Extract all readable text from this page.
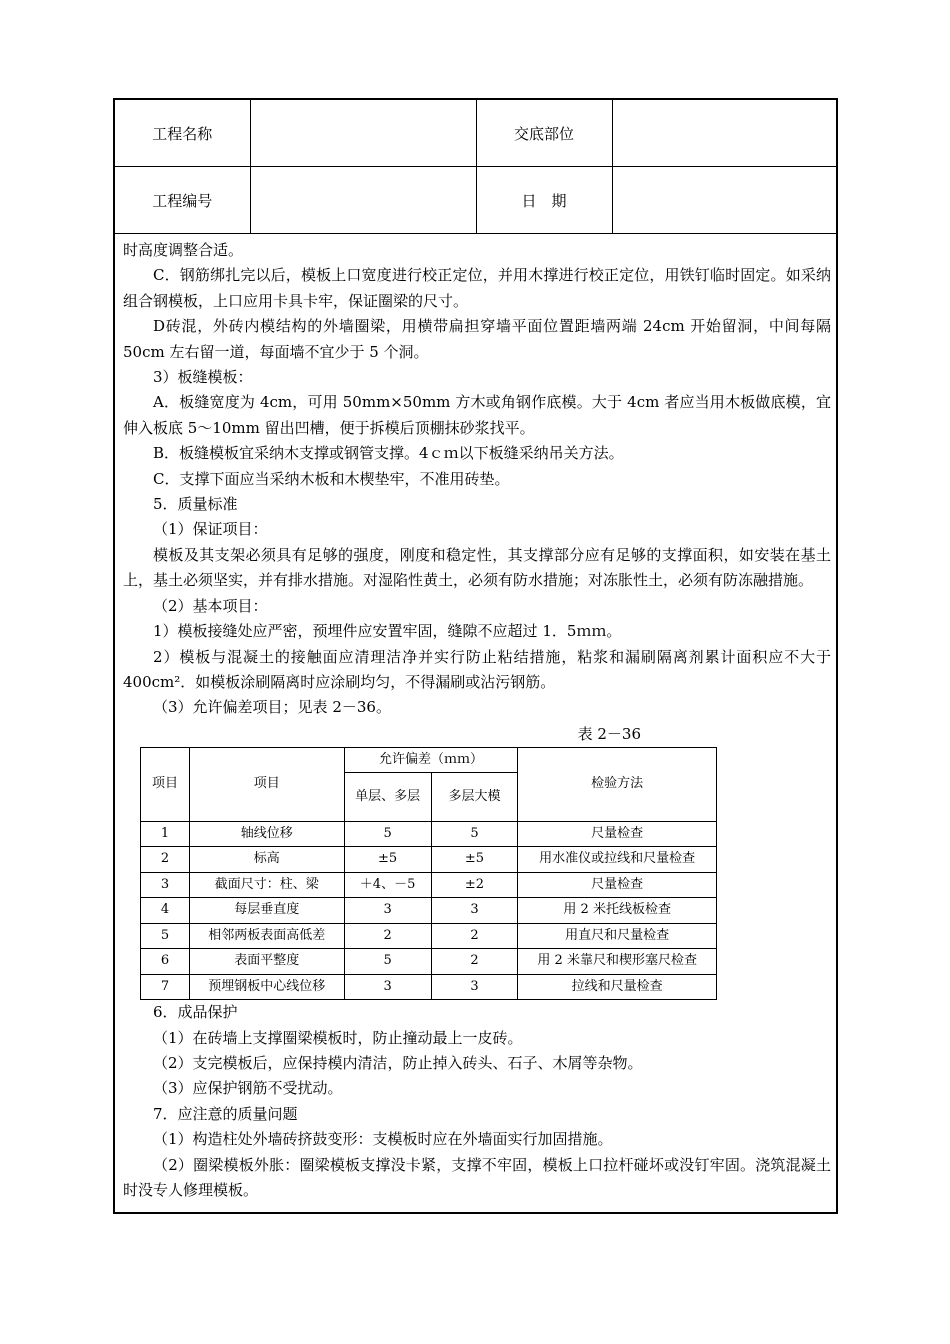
工程名称		交底部位	
工程编号		日　期	

时高度调整合适。

C．钢筋绑扎完以后，模板上口宽度进行校正定位，并用木撑进行校正定位，用铁钉临时固定。如采纳组合钢模板，上口应用卡具卡牢，保证圈梁的尺寸。

D砖混，外砖内模结构的外墙圈梁，用横带扁担穿墙平面位置距墙两端 24cm 开始留洞，中间每隔 50cm 左右留一道，每面墙不宜少于 5 个洞。

3）板缝模板：

A．板缝宽度为 4cm，可用 50mm×50mm 方木或角钢作底模。大于 4cm 者应当用木板做底模，宜伸入板底 5～10mm 留出凹槽，便于拆模后顶棚抹砂浆找平。

B．板缝模板宜采纳木支撑或钢管支撑。4ｃｍ以下板缝采纳吊关方法。

C．支撑下面应当采纳木板和木楔垫牢，不准用砖垫。

5．质量标准

（1）保证项目：

模板及其支架必须具有足够的强度，刚度和稳定性，其支撑部分应有足够的支撑面积，如安装在基土上，基土必须坚实，并有排水措施。对湿陷性黄土，必须有防水措施；对冻胀性土，必须有防冻融措施。

（2）基本项目：

1）模板接缝处应严密，预埋件应安置牢固，缝隙不应超过 1．5ｍｍ。

2）模板与混凝土的接触面应清理洁净并实行防止粘结措施，粘浆和漏刷隔离剂累计面积应不大于 400cm²．如模板涂刷隔离时应涂刷均匀，不得漏刷或沾污钢筋。

（3）允许偏差项目；见表 2－36。

表 2－36
项目	项目	允许偏差（ｍｍ）		检验方法
		单层、多层	多层大模	
1	轴线位移	5	5	尺量检查
2	标高	±5	±5	用水准仪或拉线和尺量检查
3	截面尺寸：柱、梁	＋4、－5	±2	尺量检查
4	每层垂直度	3	3	用 2 米托线板检查
5	相邻两板表面高低差	2	2	用直尺和尺量检查
6	表面平整度	5	2	用 2 米靠尺和楔形塞尺检查
7	预埋钢板中心线位移	3	3	拉线和尺量检查

6．成品保护

（1）在砖墙上支撑圈梁模板时，防止撞动最上一皮砖。

（2）支完模板后，应保持模内清洁，防止掉入砖头、石子、木屑等杂物。

（3）应保护钢筋不受扰动。

7．应注意的质量问题

（1）构造柱处外墙砖挤鼓变形：支模板时应在外墙面实行加固措施。

（2）圈梁模板外胀：圈梁模板支撑没卡紧，支撑不牢固，模板上口拉杆碰坏或没钉牢固。浇筑混凝土时没专人修理模板。
